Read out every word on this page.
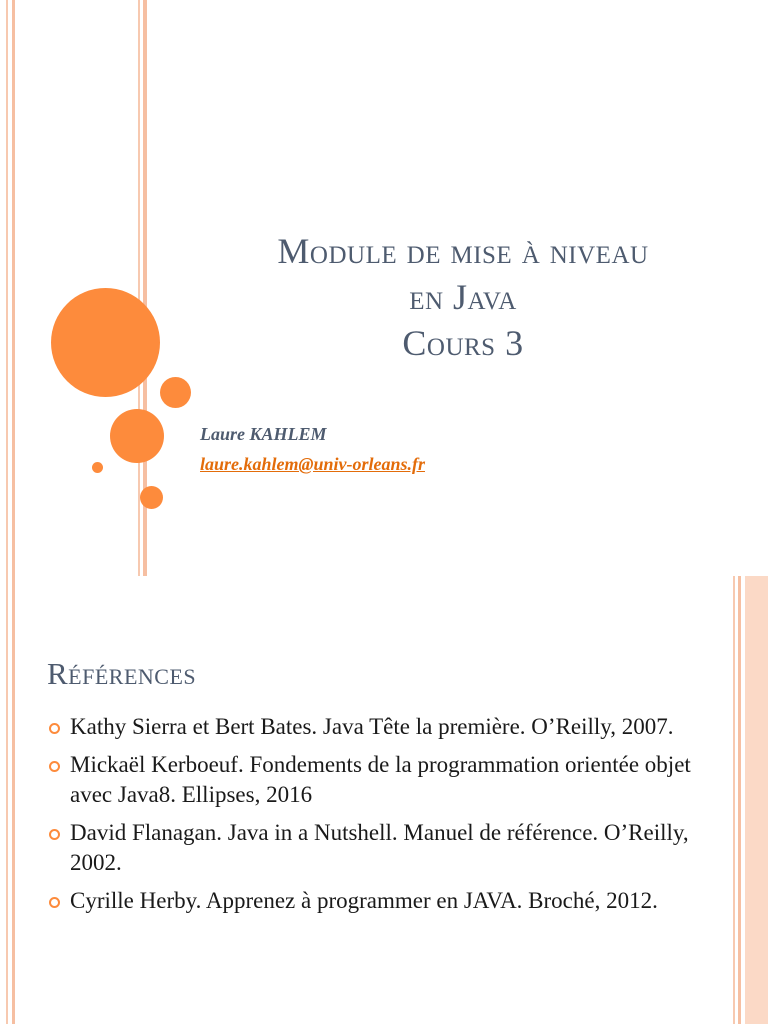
Module de mise à niveau
en Java
Cours 3
Laure KAHLEM
laure.kahlem@univ-orleans.fr
Références
Kathy Sierra et Bert Bates. Java Tête la première. O’Reilly, 2007.
Mickaël Kerboeuf. Fondements de la programmation orientée objet avec Java8. Ellipses, 2016
David Flanagan. Java in a Nutshell. Manuel de référence. O’Reilly, 2002.
Cyrille Herby. Apprenez à programmer en JAVA. Broché, 2012.
